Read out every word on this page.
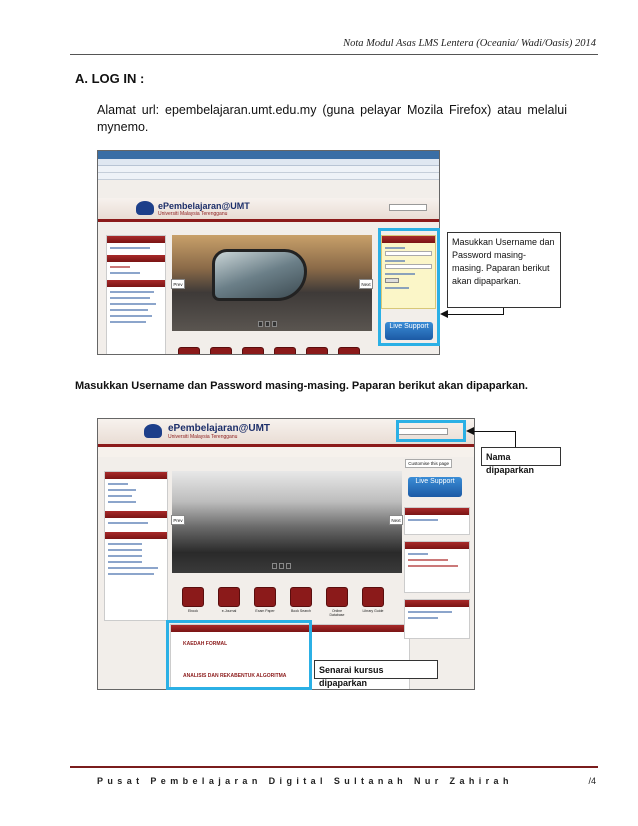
Nota Modul Asas LMS Lentera (Oceania/ Wadi/Oasis) 2014
A. LOG IN :
Alamat url: epembelajaran.umt.edu.my (guna pelayar Mozila Firefox) atau melalui mynemo.
ePembelajaran@UMT
Universiti Malaysia Terengganu
Prev	Next
Live Support
Masukkan Username dan Password masing-masing. Paparan berikut akan dipaparkan.
Masukkan Username dan Password masing-masing. Paparan berikut akan dipaparkan.
ePembelajaran@UMT
Universiti Malaysia Terengganu
Customise this page
Prev	Next
Ebook	e-Journal	Exam Paper	Book Search	Online Database
Library Guide
KAEDAH FORMAL
ANALISIS DAN REKABENTUK ALGORITMA
Live Support
Nama dipaparkan
Senarai kursus dipaparkan
Pusat Pembelajaran Digital Sultanah Nur Zahirah	/4
